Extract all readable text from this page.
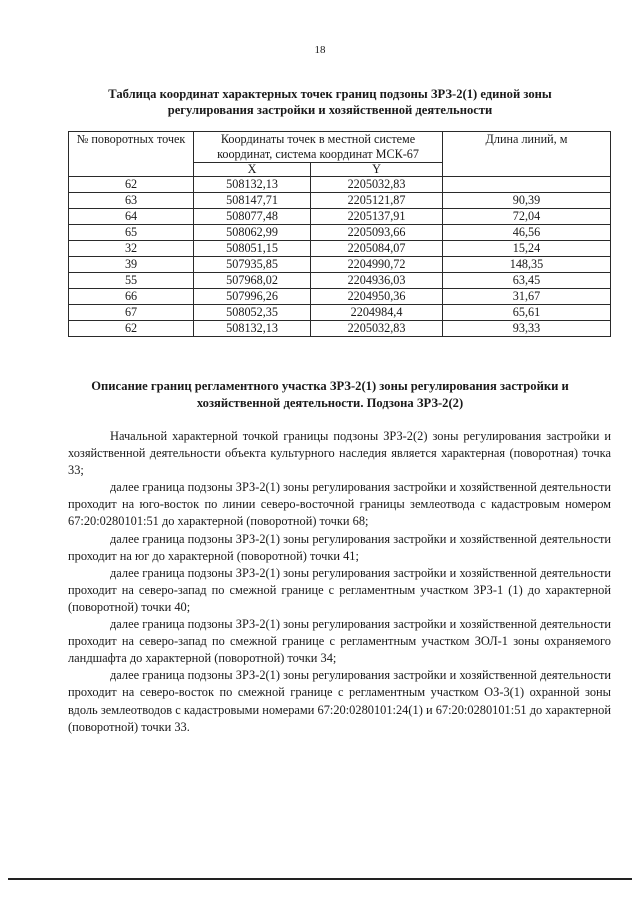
18
Таблица координат характерных точек границ подзоны ЗРЗ-2(1) единой зоны регулирования застройки и хозяйственной деятельности
№ поворотных точек	Координаты точек в местной системе координат, система координат МСК-67		Длина линий, м
	X	Y	
62	508132,13	2205032,83	
63	508147,71	2205121,87	90,39
64	508077,48	2205137,91	72,04
65	508062,99	2205093,66	46,56
32	508051,15	2205084,07	15,24
39	507935,85	2204990,72	148,35
55	507968,02	2204936,03	63,45
66	507996,26	2204950,36	31,67
67	508052,35	2204984,4	65,61
62	508132,13	2205032,83	93,33
Описание границ регламентного участка ЗРЗ-2(1) зоны регулирования застройки и хозяйственной деятельности. Подзона ЗРЗ-2(2)

Начальной характерной точкой границы подзоны ЗРЗ-2(2) зоны регулирования застройки и хозяйственной деятельности объекта культурного наследия является характерная (поворотная) точка 33;

далее граница подзоны ЗРЗ-2(1) зоны регулирования застройки и хозяйственной деятельности проходит на юго-восток по линии северо-восточной границы землеотвода с кадастровым номером 67:20:0280101:51 до характерной (поворотной) точки 68;

далее граница подзоны ЗРЗ-2(1) зоны регулирования застройки и хозяйственной деятельности проходит на юг до характерной (поворотной) точки 41;

далее граница подзоны ЗРЗ-2(1) зоны регулирования застройки и хозяйственной деятельности проходит на северо-запад по смежной границе с регламентным участком ЗРЗ-1 (1) до характерной (поворотной) точки 40;

далее граница подзоны ЗРЗ-2(1) зоны регулирования застройки и хозяйственной деятельности проходит на северо-запад по смежной границе с регламентным участком ЗОЛ-1 зоны охраняемого ландшафта до характерной (поворотной) точки 34;

далее граница подзоны ЗРЗ-2(1) зоны регулирования застройки и хозяйственной деятельности проходит на северо-восток по смежной границе с регламентным участком ОЗ-3(1) охранной зоны вдоль землеотводов с кадастровыми номерами 67:20:0280101:24(1) и 67:20:0280101:51 до характерной (поворотной) точки 33.
